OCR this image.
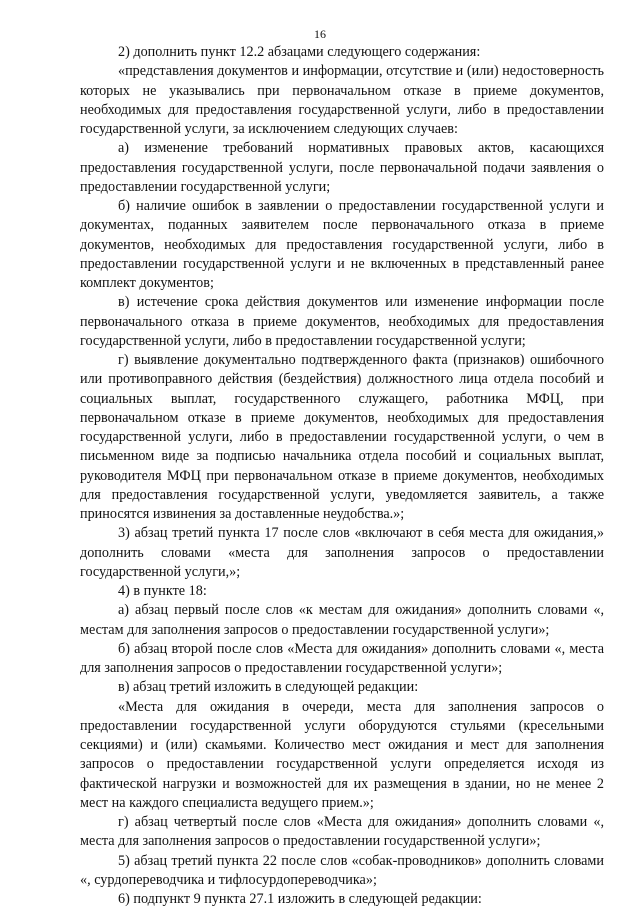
16

2) дополнить пункт 12.2 абзацами следующего содержания:

«представления документов и информации, отсутствие и (или) недостоверность которых не указывались при первоначальном отказе в приеме документов, необходимых для предоставления государственной услуги, либо в предоставлении государственной услуги, за исключением следующих случаев:

а) изменение требований нормативных правовых актов, касающихся предоставления государственной услуги, после первоначальной подачи заявления о предоставлении государственной услуги;

б) наличие ошибок в заявлении о предоставлении государственной услуги и документах, поданных заявителем после первоначального отказа в приеме документов, необходимых для предоставления государственной услуги, либо в предоставлении государственной услуги и не включенных в представленный ранее комплект документов;

в) истечение срока действия документов или изменение информации после первоначального отказа в приеме документов, необходимых для предоставления государственной услуги, либо в предоставлении государственной услуги;

г) выявление документально подтвержденного факта (признаков) ошибочного или противоправного действия (бездействия) должностного лица отдела пособий и социальных выплат, государственного служащего, работника МФЦ, при первоначальном отказе в приеме документов, необходимых для предоставления государственной услуги, либо в предоставлении государственной услуги, о чем в письменном виде за подписью начальника отдела пособий и социальных выплат, руководителя МФЦ при первоначальном отказе в приеме документов, необходимых для предоставления государственной услуги, уведомляется заявитель, а также приносятся извинения за доставленные неудобства.»;

3) абзац третий пункта 17 после слов «включают в себя места для ожидания,» дополнить словами «места для заполнения запросов о предоставлении государственной услуги,»;

4) в пункте 18:

а) абзац первый после слов «к местам для ожидания» дополнить словами «, местам для заполнения запросов о предоставлении государственной услуги»;

б) абзац второй после слов «Места для ожидания» дополнить словами «, места для заполнения запросов о предоставлении государственной услуги»;

в) абзац третий изложить в следующей редакции:

«Места для ожидания в очереди, места для заполнения запросов о предоставлении государственной услуги оборудуются стульями (кресельными секциями) и (или) скамьями. Количество мест ожидания и мест для заполнения запросов о предоставлении государственной услуги определяется исходя из фактической нагрузки и возможностей для их размещения в здании, но не менее 2 мест на каждого специалиста ведущего прием.»;

г) абзац четвертый после слов «Места для ожидания» дополнить словами «, места для заполнения запросов о предоставлении государственной услуги»;

5) абзац третий пункта 22 после слов «собак-проводников» дополнить словами «, сурдопереводчика и тифлосурдопереводчика»;

6) подпункт 9 пункта 27.1 изложить в следующей редакции:
